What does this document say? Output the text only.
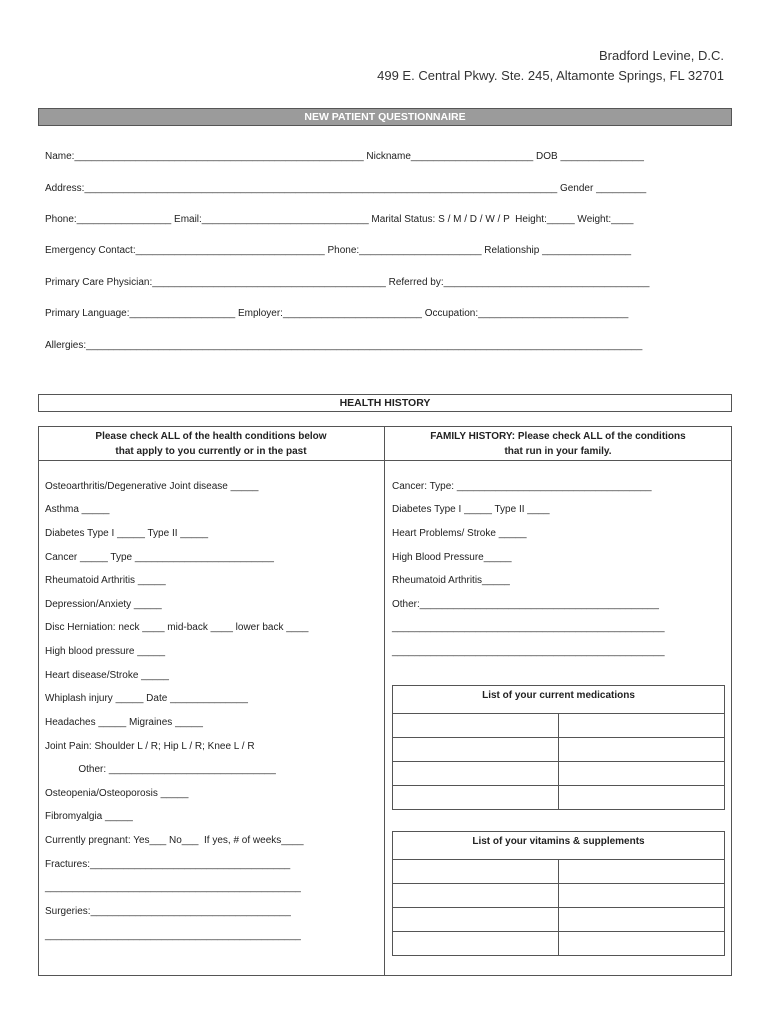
Bradford Levine, D.C.
499 E. Central Pkwy. Ste. 245, Altamonte Springs, FL 32701
NEW PATIENT QUESTIONNAIRE
Name:____________________________________________________ Nickname______________________ DOB _______________
Address:_____________________________________________________________________________________ Gender _________
Phone:_________________ Email:______________________________ Marital Status: S / M / D / W / P  Height:_____ Weight:____
Emergency Contact:__________________________________ Phone:______________________ Relationship ________________
Primary Care Physician:__________________________________________ Referred by:_____________________________________
Primary Language:___________________ Employer:_________________________ Occupation:___________________________
Allergies:____________________________________________________________________________________________________
HEALTH HISTORY
Please check ALL of the health conditions below
that apply to you currently or in the past
FAMILY HISTORY: Please check ALL of the conditions
that run in your family.
Osteoarthritis/Degenerative Joint disease _____
Asthma _____
Diabetes Type I _____ Type II _____
Cancer _____ Type _________________________
Rheumatoid Arthritis _____
Depression/Anxiety _____
Disc Herniation: neck ____ mid-back ____ lower back ____
High blood pressure _____
Heart disease/Stroke _____
Whiplash injury _____ Date ______________
Headaches _____ Migraines _____
Joint Pain: Shoulder L / R; Hip L / R; Knee L / R
Other: ______________________________
Osteopenia/Osteoporosis _____
Fibromyalgia _____
Currently pregnant: Yes___ No___  If yes, # of weeks____
Fractures:____________________________________
______________________________________________
Surgeries:____________________________________
______________________________________________
Cancer: Type: ___________________________________
Diabetes Type I _____ Type II ____
Heart Problems/ Stroke _____
High Blood Pressure_____
Rheumatoid Arthritis_____
Other:___________________________________________
_________________________________________________
_________________________________________________
List of your current medications	

List of your vitamins & supplements	
